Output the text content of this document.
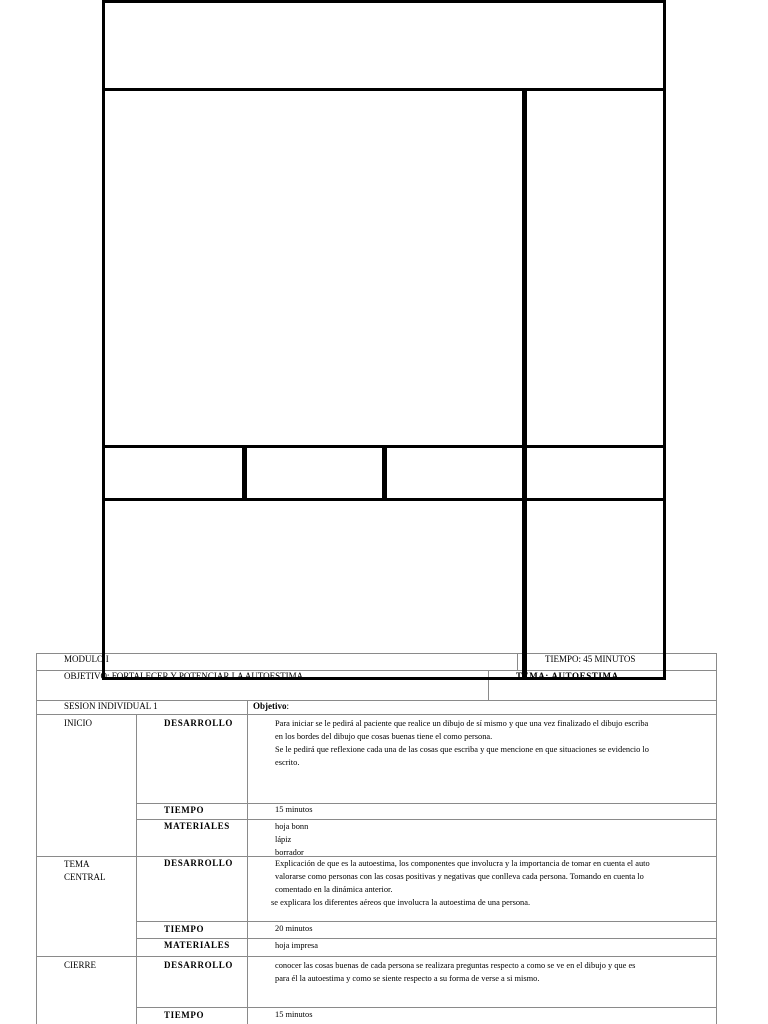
MODULO I	TIEMPO: 45 MINUTOS
OBJETIVO: FORTALECER Y POTENCIAR LA AUTOESTIMA	TEMA: AUTOESTIMA
SESION INDIVIDUAL 1	Objetivo:
INICIO	DESARROLLO	Para iniciar se le pedirá al paciente que realice un dibujo de sí mismo y que una vez finalizado el dibujo escriba
en los bordes del dibujo que cosas buenas tiene el como persona.
Se le pedirá que reflexione cada una de las cosas que escriba y que mencione en que situaciones se evidencio lo
escrito.
TIEMPO	15 minutos
MATERIALES	hoja bonn
lápiz
borrador
TEMA
CENTRAL
DESARROLLO	Explicación de que es la autoestima, los componentes que involucra y la importancia de tomar en cuenta el auto
valorarse como personas con las cosas positivas y negativas que conlleva cada persona. Tomando en cuenta lo
comentado en la dinámica anterior.
se explicara los diferentes aéreos que involucra la autoestima de una persona.
TIEMPO	20 minutos
MATERIALES	hoja impresa
CIERRE	DESARROLLO	conocer las cosas buenas de cada persona se realizara preguntas respecto a como se ve en el dibujo y que es
para él la autoestima y como se siente respecto a su forma de verse a si mismo.
TIEMPO	15 minutos
